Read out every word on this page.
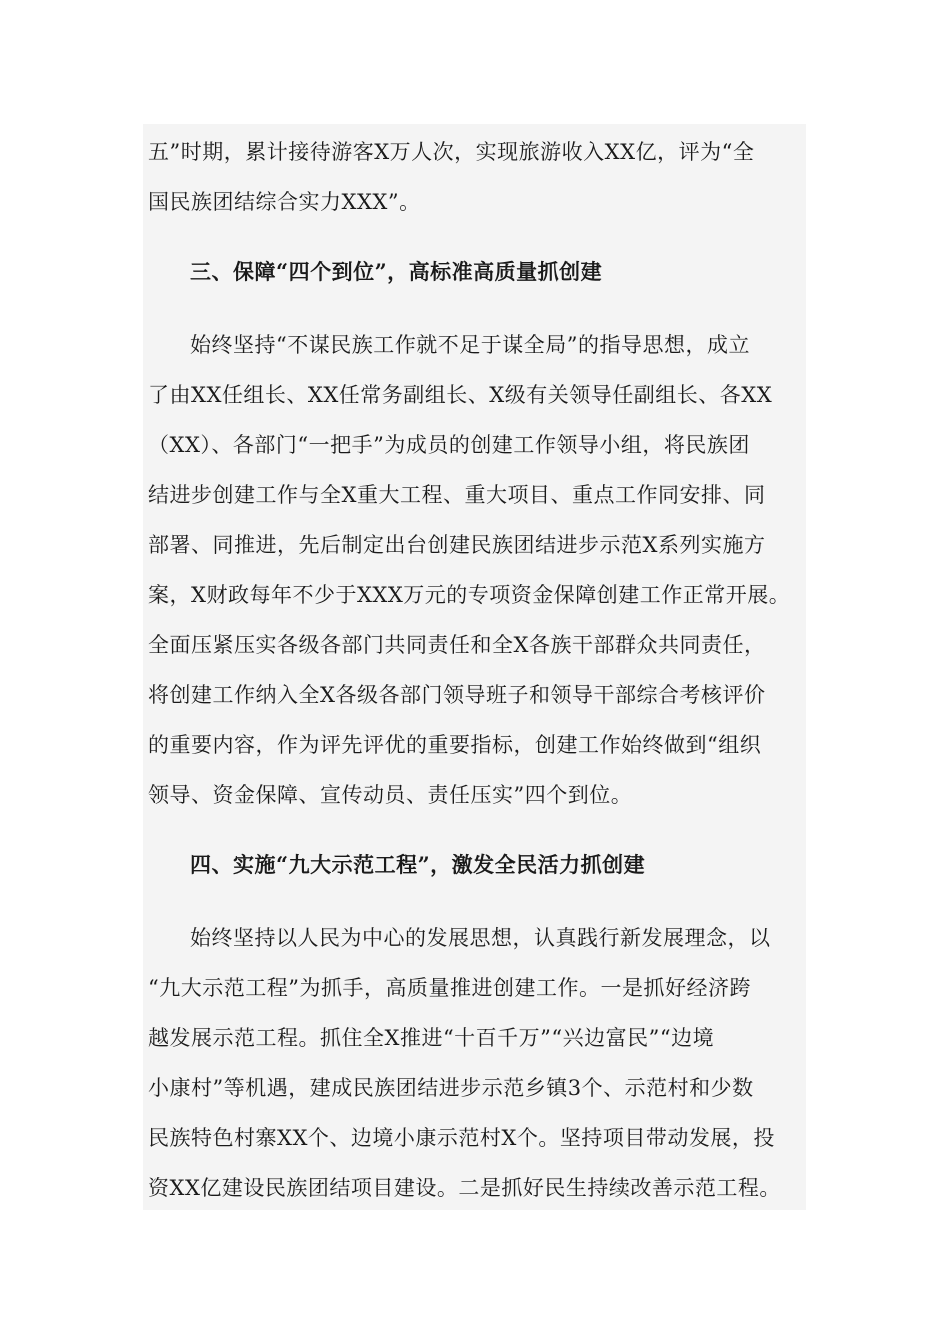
五”时期，累计接待游客X万人次，实现旅游收入XX亿，评为“全
国民族团结综合实力XXX”。
三、保障“四个到位”，高标准高质量抓创建
始终坚持“不谋民族工作就不足于谋全局”的指导思想，成立
了由XX任组长、XX任常务副组长、X级有关领导任副组长、各XX
（XX）、各部门“一把手”为成员的创建工作领导小组，将民族团
结进步创建工作与全X重大工程、重大项目、重点工作同安排、同
部署、同推进，先后制定出台创建民族团结进步示范X系列实施方
案，X财政每年不少于XXX万元的专项资金保障创建工作正常开展。
全面压紧压实各级各部门共同责任和全X各族干部群众共同责任，
将创建工作纳入全X各级各部门领导班子和领导干部综合考核评价
的重要内容，作为评先评优的重要指标，创建工作始终做到“组织
领导、资金保障、宣传动员、责任压实”四个到位。
四、实施“九大示范工程”，激发全民活力抓创建
始终坚持以人民为中心的发展思想，认真践行新发展理念，以
“九大示范工程”为抓手，高质量推进创建工作。一是抓好经济跨
越发展示范工程。抓住全X推进“十百千万”“兴边富民”“边境
小康村”等机遇，建成民族团结进步示范乡镇3个、示范村和少数
民族特色村寨XX个、边境小康示范村X个。坚持项目带动发展，投
资XX亿建设民族团结项目建设。二是抓好民生持续改善示范工程。
